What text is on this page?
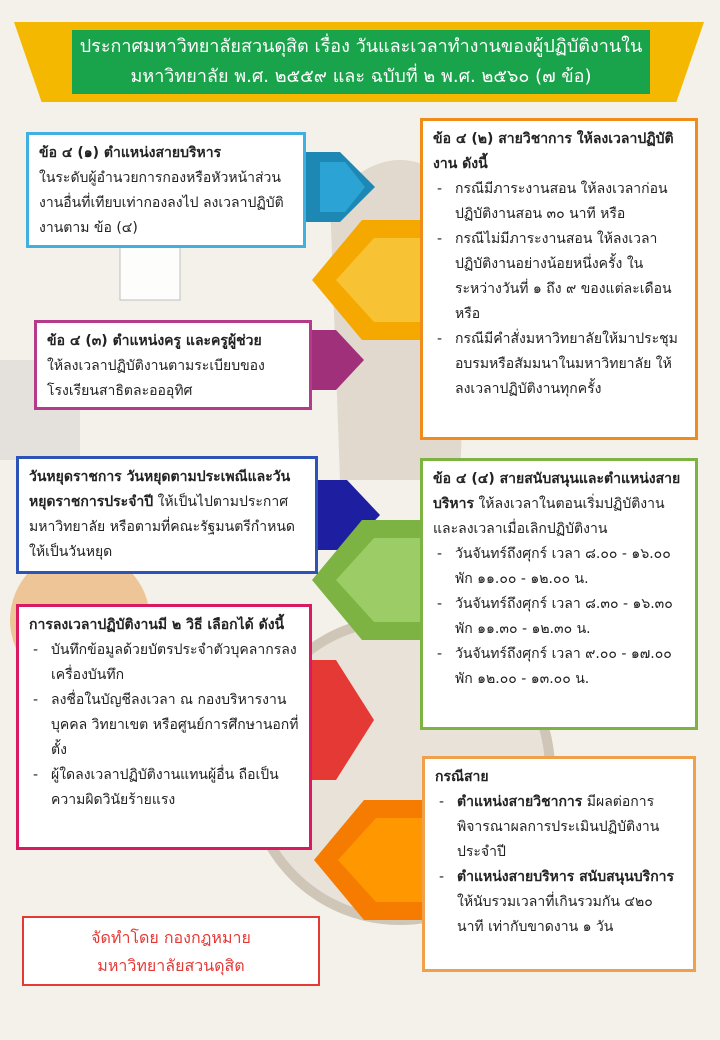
ประกาศมหาวิทยาลัยสวนดุสิต เรื่อง วันและเวลาทำงานของผู้ปฏิบัติงานใน
มหาวิทยาลัย พ.ศ. ๒๕๕๙ และ ฉบับที่ ๒ พ.ศ. ๒๕๖๐ (๗ ข้อ)
ข้อ ๔ (๑) ตำแหน่งสายบริหาร
ในระดับผู้อำนวยการกองหรือหัวหน้าส่วนงานอื่นที่เทียบเท่ากองลงไป ลงเวลาปฏิบัติงานตาม ข้อ (๔)
ข้อ ๔ (๒) สายวิชาการ ให้ลงเวลาปฏิบัติงาน ดังนี้
- กรณีมีภาระงานสอน ให้ลงเวลาก่อนปฏิบัติงานสอน ๓๐ นาที หรือ
- กรณีไม่มีภาระงานสอน ให้ลงเวลาปฏิบัติงานอย่างน้อยหนึ่งครั้ง ในระหว่างวันที่ ๑ ถึง ๙ ของแต่ละเดือน หรือ
- กรณีมีคำสั่งมหาวิทยาลัยให้มาประชุม อบรมหรือสัมมนาในมหาวิทยาลัย ให้ลงเวลาปฏิบัติงานทุกครั้ง
ข้อ ๔ (๓) ตำแหน่งครู และครูผู้ช่วย
ให้ลงเวลาปฏิบัติงานตามระเบียบของโรงเรียนสาธิตละอออุทิศ
วันหยุดราชการ วันหยุดตามประเพณีและวันหยุดราชการประจำปี ให้เป็นไปตามประกาศมหาวิทยาลัย หรือตามที่คณะรัฐมนตรีกำหนดให้เป็นวันหยุด
ข้อ ๔ (๔) สายสนับสนุนและตำแหน่งสายบริหาร ให้ลงเวลาในตอนเริ่มปฏิบัติงาน และลงเวลาเมื่อเลิกปฏิบัติงาน
- วันจันทร์ถึงศุกร์ เวลา ๘.๐๐ - ๑๖.๐๐ พัก ๑๑.๐๐ - ๑๒.๐๐ น.
- วันจันทร์ถึงศุกร์ เวลา ๘.๓๐ - ๑๖.๓๐ พัก ๑๑.๓๐ - ๑๒.๓๐ น.
- วันจันทร์ถึงศุกร์ เวลา ๙.๐๐ - ๑๗.๐๐ พัก ๑๒.๐๐ - ๑๓.๐๐ น.
การลงเวลาปฏิบัติงานมี ๒ วิธี เลือกได้ ดังนี้
- บันทึกข้อมูลด้วยบัตรประจำตัวบุคลากรลงเครื่องบันทึก
- ลงชื่อในบัญชีลงเวลา ณ กองบริหารงานบุคคล วิทยาเขต หรือศูนย์การศึกษานอกที่ตั้ง
- ผู้ใดลงเวลาปฏิบัติงานแทนผู้อื่น ถือเป็นความผิดวินัยร้ายแรง
กรณีสาย
- ตำแหน่งสายวิชาการ มีผลต่อการพิจารณาผลการประเมินปฏิบัติงานประจำปี
- ตำแหน่งสายบริหาร สนับสนุนบริการ ให้นับรวมเวลาที่เกินรวมกัน ๔๒๐ นาที เท่ากับขาดงาน ๑ วัน
จัดทำโดย กองกฎหมาย
มหาวิทยาลัยสวนดุสิต
